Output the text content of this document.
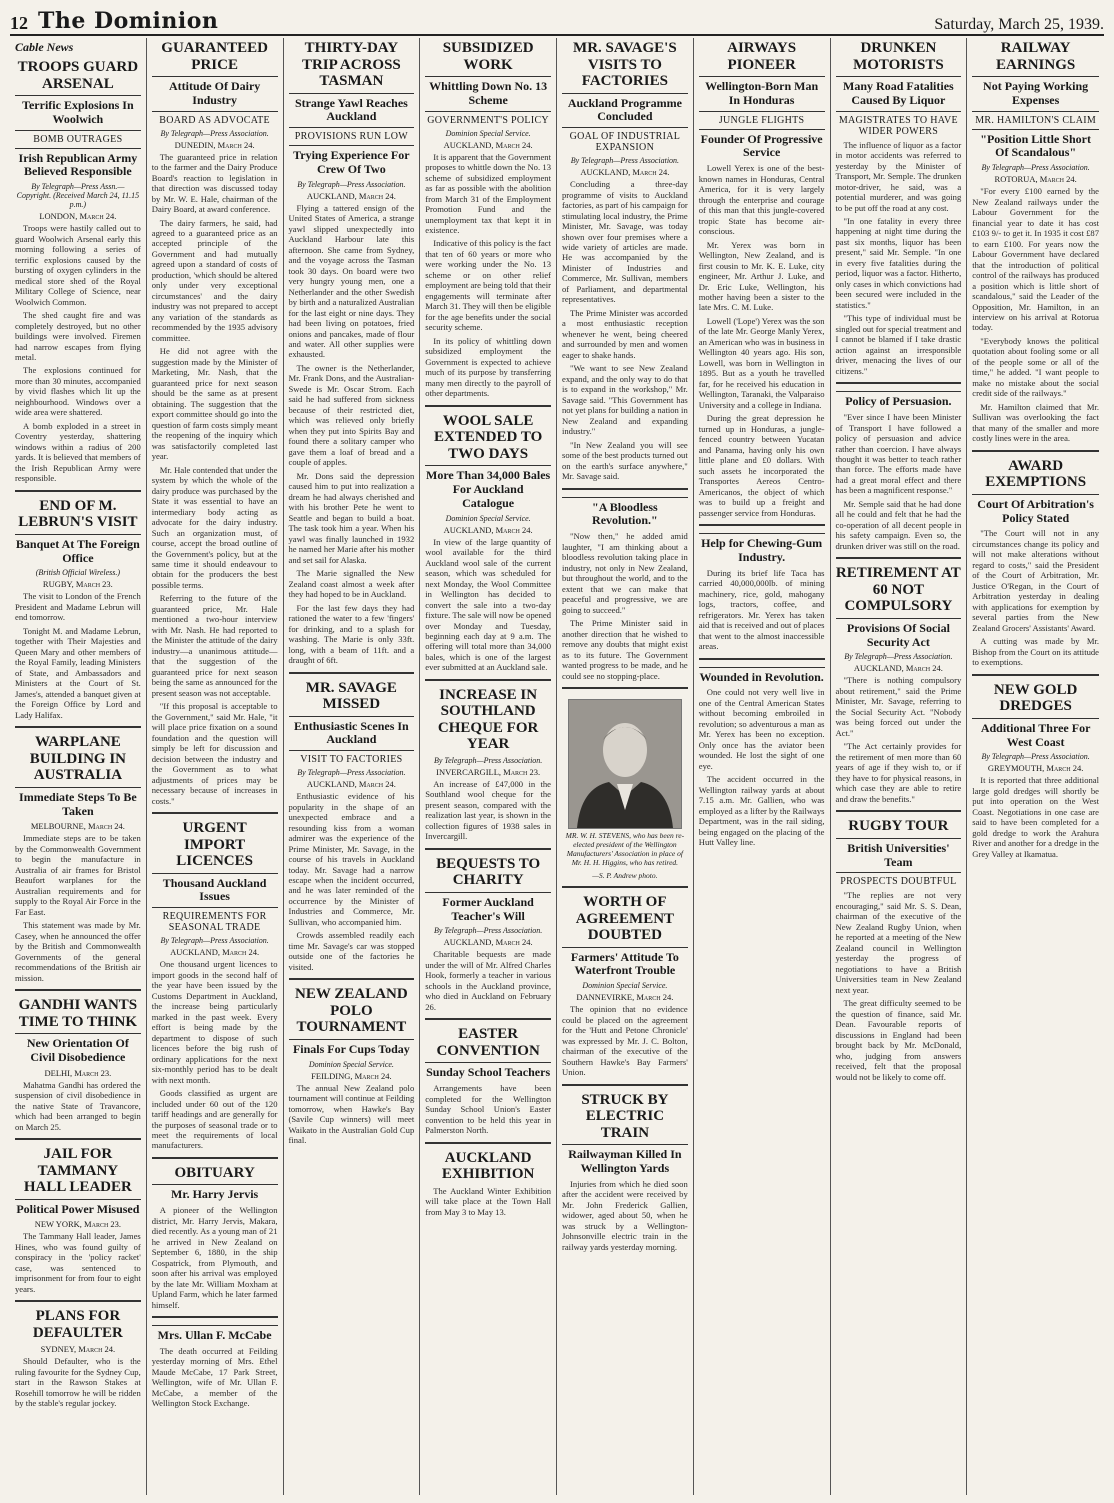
12 The Dominion	Saturday, March 25, 1939.
Cable News
TROOPS GUARD ARSENAL
Terrific Explosions In Woolwich
BOMB OUTRAGES
Irish Republican Army Believed Responsible
By Telegraph—Press Assn.—Copyright. (Received March 24, 11.15 p.m.)
LONDON, March 24.

Troops were hastily called out to guard Woolwich Arsenal early this morning following a series of terrific explosions caused by the bursting of oxygen cylinders in the medical store shed of the Royal Military College of Science, near Woolwich Common.

The shed caught fire and was completely destroyed, but no other buildings were involved. Firemen had narrow escapes from flying metal.

The explosions continued for more than 30 minutes, accompanied by vivid flashes which lit up the neighbourhood. Windows over a wide area were shattered.

A bomb exploded in a street in Coventry yesterday, shattering windows within a radius of 200 yards. It is believed that members of the Irish Republican Army were responsible.

END OF M. LEBRUN'S VISIT
Banquet At The Foreign Office
(British Official Wireless.)
RUGBY, March 23.

The visit to London of the French President and Madame Lebrun will end tomorrow.

Tonight M. and Madame Lebrun, together with Their Majesties and Queen Mary and other members of the Royal Family, leading Ministers of State, and Ambassadors and Ministers at the Court of St. James's, attended a banquet given at the Foreign Office by Lord and Lady Halifax.

WARPLANE BUILDING IN AUSTRALIA
Immediate Steps To Be Taken
MELBOURNE, March 24.

Immediate steps are to be taken by the Commonwealth Government to begin the manufacture in Australia of air frames for Bristol Beaufort warplanes for the Australian requirements and for supply to the Royal Air Force in the Far East.

This statement was made by Mr. Casey, when he announced the offer by the British and Commonwealth Governments of the general recommendations of the British air mission.

GANDHI WANTS TIME TO THINK
New Orientation Of Civil Disobedience
DELHI, March 23.

Mahatma Gandhi has ordered the suspension of civil disobedience in the native State of Travancore, which had been arranged to begin on March 25.

JAIL FOR TAMMANY HALL LEADER
Political Power Misused
NEW YORK, March 23.

The Tammany Hall leader, James Hines, who was found guilty of conspiracy in the 'policy racket' case, was sentenced to imprisonment for from four to eight years.

PLANS FOR DEFAULTER
SYDNEY, March 24.

Should Defaulter, who is the ruling favourite for the Sydney Cup, start in the Rawson Stakes at Rosehill tomorrow he will be ridden by the stable's regular jockey.

GUARANTEED PRICE
Attitude Of Dairy Industry
BOARD AS ADVOCATE
By Telegraph—Press Association.
DUNEDIN, March 24.

The guaranteed price in relation to the farmer and the Dairy Produce Board's reaction to legislation in that direction was discussed today by Mr. W. E. Hale, chairman of the Dairy Board, at award conference.

The dairy farmers, he said, had agreed to a guaranteed price as an accepted principle of the Government and had mutually agreed upon a standard of costs of production, 'which should be altered only under very exceptional circumstances' and the dairy industry was not prepared to accept any variation of the standards as recommended by the 1935 advisory committee.

He did not agree with the suggestion made by the Minister of Marketing, Mr. Nash, that the guaranteed price for next season should be the same as at present obtaining. The suggestion that the export committee should go into the question of farm costs simply meant the reopening of the inquiry which was satisfactorily completed last year.

Mr. Hale contended that under the system by which the whole of the dairy produce was purchased by the State it was essential to have an intermediary body acting as advocate for the dairy industry. Such an organization must, of course, accept the broad outline of the Government's policy, but at the same time it should endeavour to obtain for the producers the best possible terms.

Referring to the future of the guaranteed price, Mr. Hale mentioned a two-hour interview with Mr. Nash. He had reported to the Minister the attitude of the dairy industry—a unanimous attitude—that the suggestion of the guaranteed price for next season being the same as announced for the present season was not acceptable.

"If this proposal is acceptable to the Government," said Mr. Hale, "it will place price fixation on a sound foundation and the question will simply be left for discussion and decision between the industry and the Government as to what adjustments of prices may be necessary because of increases in costs."

URGENT IMPORT LICENCES
Thousand Auckland Issues
REQUIREMENTS FOR SEASONAL TRADE
By Telegraph—Press Association.
AUCKLAND, March 24.

One thousand urgent licences to import goods in the second half of the year have been issued by the Customs Department in Auckland, the increase being particularly marked in the past week. Every effort is being made by the department to dispose of such licences before the big rush of ordinary applications for the next six-monthly period has to be dealt with next month.

Goods classified as urgent are included under 60 out of the 120 tariff headings and are generally for the purposes of seasonal trade or to meet the requirements of local manufacturers.

OBITUARY
Mr. Harry Jervis

A pioneer of the Wellington district, Mr. Harry Jervis, Makara, died recently. As a young man of 21 he arrived in New Zealand on September 6, 1880, in the ship Cospatrick, from Plymouth, and soon after his arrival was employed by the late Mr. William Moxham at Upland Farm, which he later farmed himself.

Mrs. Ullan F. McCabe

The death occurred at Feilding yesterday morning of Mrs. Ethel Maude McCabe, 17 Park Street, Wellington, wife of Mr. Ullan F. McCabe, a member of the Wellington Stock Exchange.

THIRTY-DAY TRIP ACROSS TASMAN
Strange Yawl Reaches Auckland
PROVISIONS RUN LOW
Trying Experience For Crew Of Two
By Telegraph—Press Association.
AUCKLAND, March 24.

Flying a tattered ensign of the United States of America, a strange yawl slipped unexpectedly into Auckland Harbour late this afternoon. She came from Sydney, and the voyage across the Tasman took 30 days. On board were two very hungry young men, one a Netherlander and the other Swedish by birth and a naturalized Australian for the last eight or nine days. They had been living on potatoes, fried onions and pancakes, made of flour and water. All other supplies were exhausted.

The owner is the Netherlander, Mr. Frank Dons, and the Australian-Swede is Mr. Oscar Strom. Each said he had suffered from sickness because of their restricted diet, which was relieved only briefly when they put into Spirits Bay and found there a solitary camper who gave them a loaf of bread and a couple of apples.

Mr. Dons said the depression caused him to put into realization a dream he had always cherished and with his brother Pete he went to Seattle and began to build a boat. The task took him a year. When his yawl was finally launched in 1932 he named her Marie after his mother and set sail for Alaska.

The Marie signalled the New Zealand coast almost a week after they had hoped to be in Auckland.

For the last few days they had rationed the water to a few 'fingers' for drinking, and to a splash for washing. The Marie is only 33ft. long, with a beam of 11ft. and a draught of 6ft.

MR. SAVAGE MISSED
Enthusiastic Scenes In Auckland
VISIT TO FACTORIES
By Telegraph—Press Association.
AUCKLAND, March 24.

Enthusiastic evidence of his popularity in the shape of an unexpected embrace and a resounding kiss from a woman admirer was the experience of the Prime Minister, Mr. Savage, in the course of his travels in Auckland today. Mr. Savage had a narrow escape when the incident occurred, and he was later reminded of the occurrence by the Minister of Industries and Commerce, Mr. Sullivan, who accompanied him.

Crowds assembled readily each time Mr. Savage's car was stopped outside one of the factories he visited.

NEW ZEALAND POLO TOURNAMENT
Finals For Cups Today
Dominion Special Service.
FEILDING, March 24.

The annual New Zealand polo tournament will continue at Feilding tomorrow, when Hawke's Bay (Savile Cup winners) will meet Waikato in the Australian Gold Cup final.

SUBSIDIZED WORK
Whittling Down No. 13 Scheme
GOVERNMENT'S POLICY
Dominion Special Service.
AUCKLAND, March 24.

It is apparent that the Government proposes to whittle down the No. 13 scheme of subsidized employment as far as possible with the abolition from March 31 of the Employment Promotion Fund and the unemployment tax that kept it in existence.

Indicative of this policy is the fact that ten of 60 years or more who were working under the No. 13 scheme or on other relief employment are being told that their engagements will terminate after March 31. They will then be eligible for the age benefits under the social security scheme.

In its policy of whittling down subsidized employment the Government is expected to achieve much of its purpose by transferring many men directly to the payroll of other departments.

WOOL SALE EXTENDED TO TWO DAYS
More Than 34,000 Bales For Auckland Catalogue
Dominion Special Service.
AUCKLAND, March 24.

In view of the large quantity of wool available for the third Auckland wool sale of the current season, which was scheduled for next Monday, the Wool Committee in Wellington has decided to convert the sale into a two-day fixture. The sale will now be opened over Monday and Tuesday, beginning each day at 9 a.m. The offering will total more than 34,000 bales, which is one of the largest ever submitted at an Auckland sale.

INCREASE IN SOUTHLAND CHEQUE FOR YEAR
By Telegraph—Press Association.
INVERCARGILL, March 23.

An increase of £47,000 in the Southland wool cheque for the present season, compared with the realization last year, is shown in the collection figures of 1938 sales in Invercargill.

BEQUESTS TO CHARITY
Former Auckland Teacher's Will
By Telegraph—Press Association.
AUCKLAND, March 24.

Charitable bequests are made under the will of Mr. Alfred Charles Hook, formerly a teacher in various schools in the Auckland province, who died in Auckland on February 26.

EASTER CONVENTION
Sunday School Teachers

Arrangements have been completed for the Wellington Sunday School Union's Easter convention to be held this year in Palmerston North.

AUCKLAND EXHIBITION

The Auckland Winter Exhibition will take place at the Town Hall from May 3 to May 13.

MR. SAVAGE'S VISITS TO FACTORIES
Auckland Programme Concluded
GOAL OF INDUSTRIAL EXPANSION
By Telegraph—Press Association.
AUCKLAND, March 24.

Concluding a three-day programme of visits to Auckland factories, as part of his campaign for stimulating local industry, the Prime Minister, Mr. Savage, was today shown over four premises where a wide variety of articles are made. He was accompanied by the Minister of Industries and Commerce, Mr. Sullivan, members of Parliament, and departmental representatives.

The Prime Minister was accorded a most enthusiastic reception whenever he went, being cheered and surrounded by men and women eager to shake hands.

"We want to see New Zealand expand, and the only way to do that is to expand in the workshop," Mr. Savage said. "This Government has not yet plans for building a nation in New Zealand and expanding industry."

"In New Zealand you will see some of the best products turned out on the earth's surface anywhere," Mr. Savage said.

"A Bloodless Revolution."

"Now then," he added amid laughter, "I am thinking about a bloodless revolution taking place in industry, not only in New Zealand, but throughout the world, and to the extent that we can make that peaceful and progressive, we are going to succeed."

The Prime Minister said in another direction that he wished to remove any doubts that might exist as to its future. The Government wanted progress to be made, and he could see no stopping-place.

MR. W. H. STEVENS, who has been re-elected president of the Wellington Manufacturers' Association in place of Mr. H. H. Higgins, who has retired.
—S. P. Andrew photo.
WORTH OF AGREEMENT DOUBTED
Farmers' Attitude To Waterfront Trouble
Dominion Special Service.
DANNEVIRKE, March 24.

The opinion that no evidence could be placed on the agreement for the 'Hutt and Petone Chronicle' was expressed by Mr. J. C. Bolton, chairman of the executive of the Southern Hawke's Bay Farmers' Union.

STRUCK BY ELECTRIC TRAIN
Railwayman Killed In Wellington Yards

Injuries from which he died soon after the accident were received by Mr. John Frederick Gallien, widower, aged about 50, when he was struck by a Wellington-Johnsonville electric train in the railway yards yesterday morning.

AIRWAYS PIONEER
Wellington-Born Man In Honduras
JUNGLE FLIGHTS
Founder Of Progressive Service

Lowell Yerex is one of the best-known names in Honduras, Central America, for it is very largely through the enterprise and courage of this man that this jungle-covered tropic State has become air-conscious.

Mr. Yerex was born in Wellington, New Zealand, and is first cousin to Mr. K. E. Luke, city engineer, Mr. Arthur J. Luke, and Dr. Eric Luke, Wellington, his mother having been a sister to the late Mrs. C. M. Luke.

Lowell ('Lope') Yerex was the son of the late Mr. George Manly Yerex, an American who was in business in Wellington 40 years ago. His son, Lowell, was born in Wellington in 1895. But as a youth he travelled far, for he received his education in Wellington, Taranaki, the Valparaiso University and a college in Indiana.

During the great depression he turned up in Honduras, a jungle-fenced country between Yucatan and Panama, having only his own little plane and £0 dollars. With such assets he incorporated the Transportes Aereos Centro-Americanos, the object of which was to build up a freight and passenger service from Honduras.

Help for Chewing-Gum Industry.

During its brief life Taca has carried 40,000,000lb. of mining machinery, rice, gold, mahogany logs, tractors, coffee, and refrigerators. Mr. Yerex has taken aid that is received and out of places that went to the almost inaccessible areas.

Wounded in Revolution.

One could not very well live in one of the Central American States without becoming embroiled in revolution; so adventurous a man as Mr. Yerex has been no exception. Only once has the aviator been wounded. He lost the sight of one eye.

The accident occurred in the Wellington railway yards at about 7.15 a.m. Mr. Gallien, who was employed as a lifter by the Railways Department, was in the rail siding, being engaged on the placing of the Hutt Valley line.

DRUNKEN MOTORISTS
Many Road Fatalities Caused By Liquor
MAGISTRATES TO HAVE WIDER POWERS

The influence of liquor as a factor in motor accidents was referred to yesterday by the Minister of Transport, Mr. Semple. The drunken motor-driver, he said, was a potential murderer, and was going to be put off the road at any cost.

"In one fatality in every three happening at night time during the past six months, liquor has been present," said Mr. Semple. "In one in every five fatalities during the period, liquor was a factor. Hitherto, only cases in which convictions had been secured were included in the statistics."

"This type of individual must be singled out for special treatment and I cannot be blamed if I take drastic action against an irresponsible driver, menacing the lives of our citizens."

Policy of Persuasion.

"Ever since I have been Minister of Transport I have followed a policy of persuasion and advice rather than coercion. I have always thought it was better to teach rather than force. The efforts made have had a great moral effect and there has been a magnificent response."

Mr. Semple said that he had done all he could and felt that he had the co-operation of all decent people in his safety campaign. Even so, the drunken driver was still on the road.

RETIREMENT AT 60 NOT COMPULSORY
Provisions Of Social Security Act
By Telegraph—Press Association.
AUCKLAND, March 24.

"There is nothing compulsory about retirement," said the Prime Minister, Mr. Savage, referring to the Social Security Act. "Nobody was being forced out under the Act."

"The Act certainly provides for the retirement of men more than 60 years of age if they wish to, or if they have to for physical reasons, in which case they are able to retire and draw the benefits."

RUGBY TOUR
British Universities' Team
PROSPECTS DOUBTFUL

"The replies are not very encouraging," said Mr. S. S. Dean, chairman of the executive of the New Zealand Rugby Union, when he reported at a meeting of the New Zealand council in Wellington yesterday the progress of negotiations to have a British Universities team in New Zealand next year.

The great difficulty seemed to be the question of finance, said Mr. Dean. Favourable reports of discussions in England had been brought back by Mr. McDonald, who, judging from answers received, felt that the proposal would not be likely to come off.

RAILWAY EARNINGS
Not Paying Working Expenses
MR. HAMILTON'S CLAIM
"Position Little Short Of Scandalous"
By Telegraph—Press Association.
ROTORUA, March 24.

"For every £100 earned by the New Zealand railways under the Labour Government for the financial year to date it has cost £103 9/- to get it. In 1935 it cost £87 to earn £100. For years now the Labour Government have declared that the introduction of political control of the railways has produced a position which is little short of scandalous," said the Leader of the Opposition, Mr. Hamilton, in an interview on his arrival at Rotorua today.

"Everybody knows the political quotation about fooling some or all of the people some or all of the time," he added. "I want people to make no mistake about the social credit side of the railways."

Mr. Hamilton claimed that Mr. Sullivan was overlooking the fact that many of the smaller and more costly lines were in the area.

AWARD EXEMPTIONS
Court Of Arbitration's Policy Stated

"The Court will not in any circumstances change its policy and will not make alterations without regard to costs," said the President of the Court of Arbitration, Mr. Justice O'Regan, in the Court of Arbitration yesterday in dealing with applications for exemption by several parties from the New Zealand Grocers' Assistants' Award.

A cutting was made by Mr. Bishop from the Court on its attitude to exemptions.

NEW GOLD DREDGES
Additional Three For West Coast
By Telegraph—Press Association.
GREYMOUTH, March 24.

It is reported that three additional large gold dredges will shortly be put into operation on the West Coast. Negotiations in one case are said to have been completed for a gold dredge to work the Arahura River and another for a dredge in the Grey Valley at Ikamatua.
